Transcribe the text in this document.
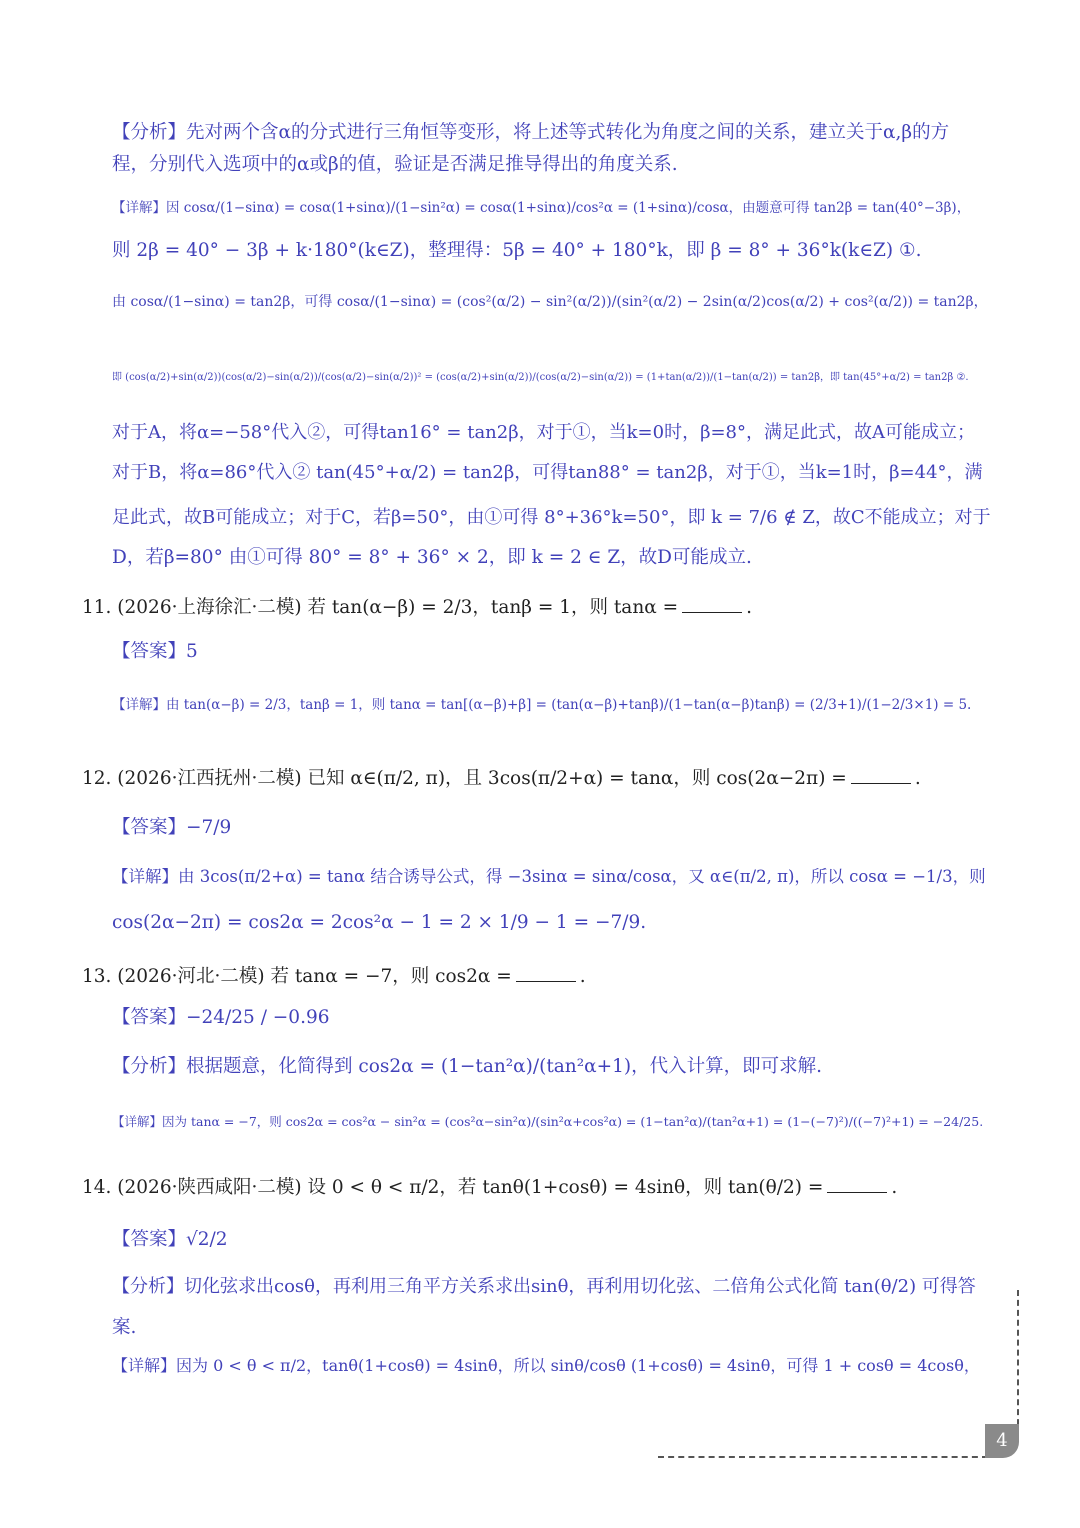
【分析】先对两个含α的分式进行三角恒等变形，将上述等式转化为角度之间的关系，建立关于α,β的方
程，分别代入选项中的α或β的值，验证是否满足推导得出的角度关系.
【详解】因 cosα/(1−sinα) = cosα(1+sinα)/(1−sin²α) = cosα(1+sinα)/cos²α = (1+sinα)/cosα，由题意可得 tan2β = tan(40°−3β)，
则 2β = 40° − 3β + k·180°(k∈Z)，整理得：5β = 40° + 180°k，即 β = 8° + 36°k(k∈Z) ①.
由 cosα/(1−sinα) = tan2β，可得 cosα/(1−sinα) = (cos²(α/2) − sin²(α/2))/(sin²(α/2) − 2sin(α/2)cos(α/2) + cos²(α/2)) = tan2β，
即 (cos(α/2)+sin(α/2))(cos(α/2)−sin(α/2))/(cos(α/2)−sin(α/2))² = (cos(α/2)+sin(α/2))/(cos(α/2)−sin(α/2)) = (1+tan(α/2))/(1−tan(α/2)) = tan2β，即 tan(45°+α/2) = tan2β ②.
对于A，将α=−58°代入②，可得tan16° = tan2β，对于①，当k=0时，β=8°，满足此式，故A可能成立；
对于B，将α=86°代入② tan(45°+α/2) = tan2β，可得tan88° = tan2β，对于①，当k=1时，β=44°，满
足此式，故B可能成立；对于C，若β=50°，由①可得 8°+36°k=50°，即 k = 7/6 ∉ Z，故C不能成立；对于
D，若β=80° 由①可得 80° = 8° + 36° × 2，即 k = 2 ∈ Z，故D可能成立.
11. (2026·上海徐汇·二模) 若 tan(α−β) = 2/3，tanβ = 1，则 tanα =	.
【答案】5
【详解】由 tan(α−β) = 2/3，tanβ = 1，则 tanα = tan[(α−β)+β] = (tan(α−β)+tanβ)/(1−tan(α−β)tanβ) = (2/3+1)/(1−2/3×1) = 5.
12. (2026·江西抚州·二模) 已知 α∈(π/2, π)，且 3cos(π/2+α) = tanα，则 cos(2α−2π) =	.
【答案】−7/9
【详解】由 3cos(π/2+α) = tanα 结合诱导公式，得 −3sinα = sinα/cosα，又 α∈(π/2, π)，所以 cosα = −1/3，则
cos(2α−2π) = cos2α = 2cos²α − 1 = 2 × 1/9 − 1 = −7/9.
13. (2026·河北·二模) 若 tanα = −7，则 cos2α =	.
【答案】−24/25 / −0.96
【分析】根据题意，化简得到 cos2α = (1−tan²α)/(tan²α+1)，代入计算，即可求解.
【详解】因为 tanα = −7，则 cos2α = cos²α − sin²α = (cos²α−sin²α)/(sin²α+cos²α) = (1−tan²α)/(tan²α+1) = (1−(−7)²)/((−7)²+1) = −24/25.
14. (2026·陕西咸阳·二模) 设 0 < θ < π/2，若 tanθ(1+cosθ) = 4sinθ，则 tan(θ/2) =	.
【答案】√2/2
【分析】切化弦求出cosθ，再利用三角平方关系求出sinθ，再利用切化弦、二倍角公式化简 tan(θ/2) 可得答
案.
【详解】因为 0 < θ < π/2，tanθ(1+cosθ) = 4sinθ，所以 sinθ/cosθ (1+cosθ) = 4sinθ，可得 1 + cosθ = 4cosθ，
4
